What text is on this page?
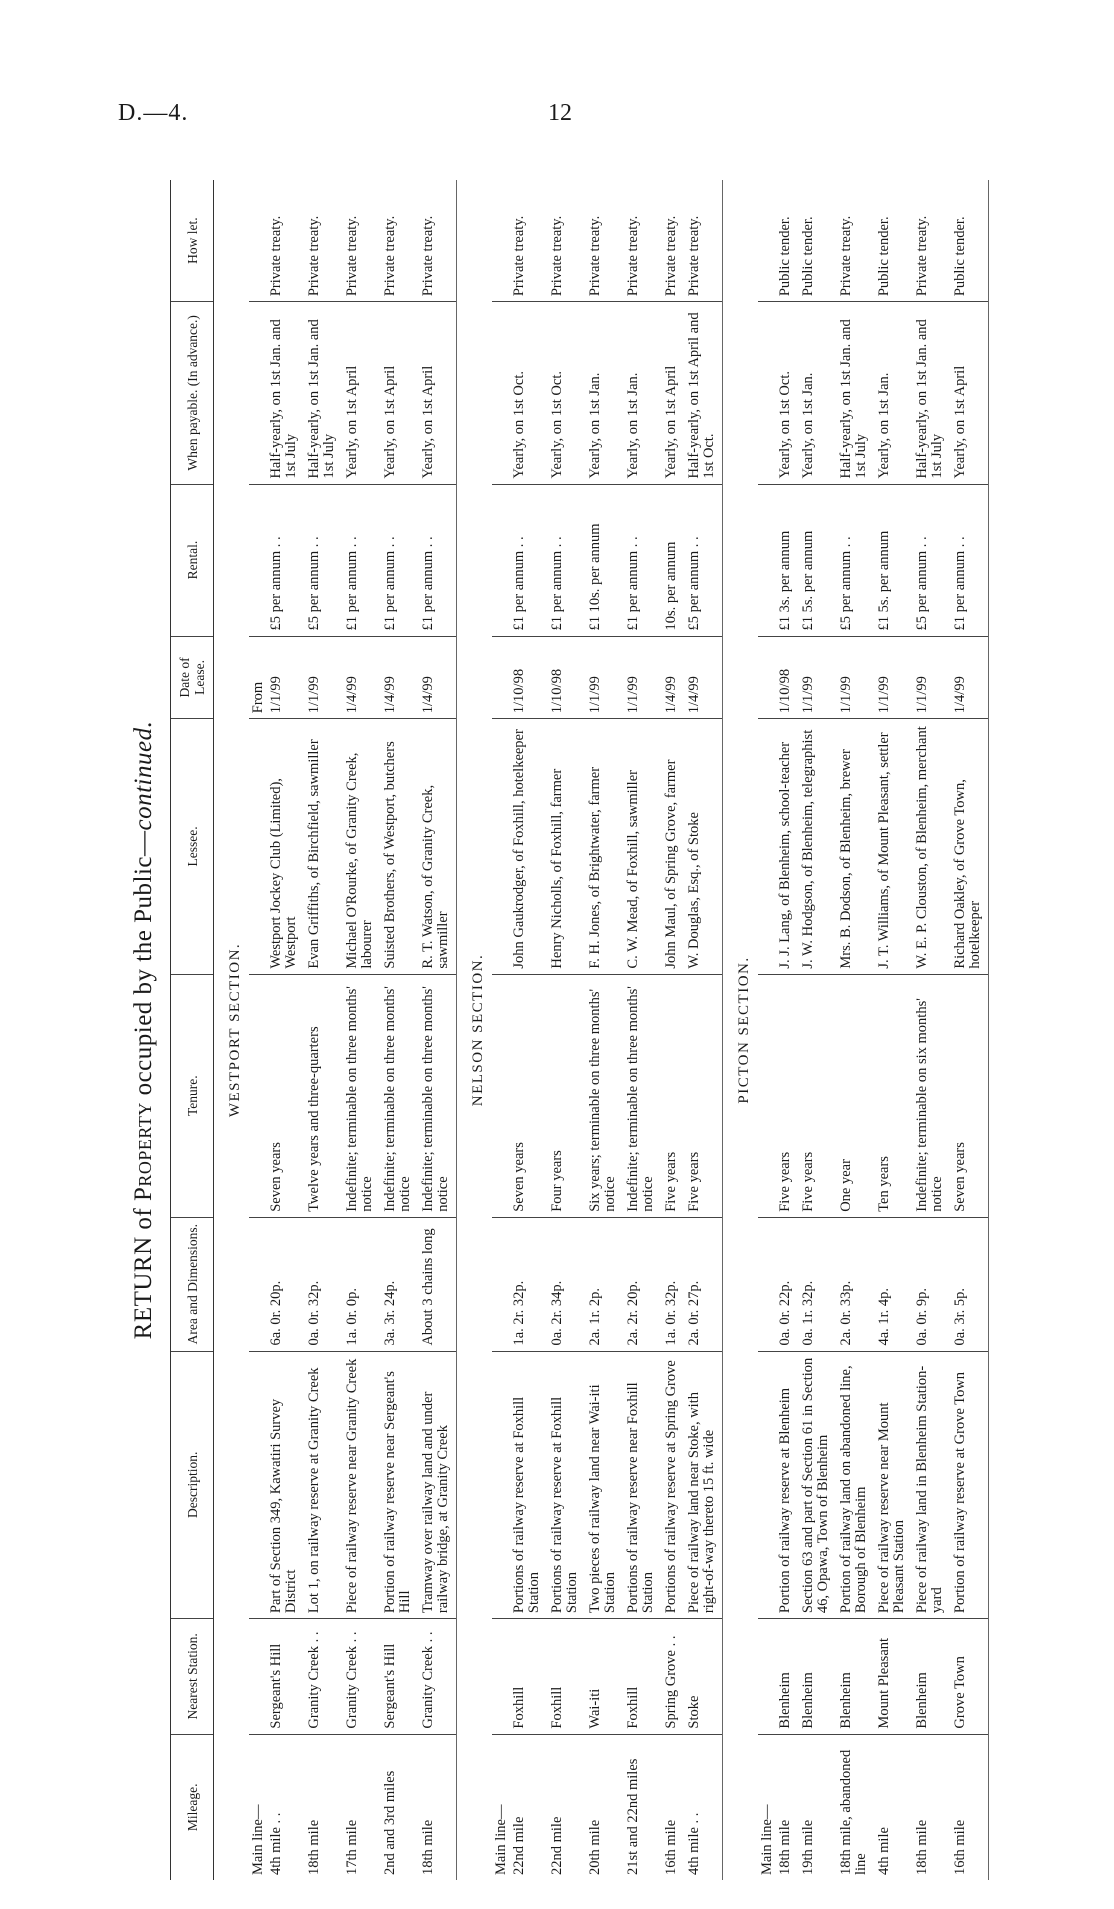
D.—4.	12
RETURN of Property occupied by the Public—continued.
Mileage.	Nearest Station.	Description.	Area and Dimensions.	Tenure.	Lessee.	Date of Lease.	Rental.	When payable. (In advance.)	How let.
WESTPORT SECTION.									
Main line—						From			
4th mile . .	Sergeant's Hill	Part of Section 349, Kawatiri Survey District	6a. 0r. 20p.	Seven years	Westport Jockey Club (Limited), Westport	1/1/99	£5 per annum . .	Half-yearly, on 1st Jan. and 1st July	Private treaty.
18th mile	Granity Creek . .	Lot 1, on railway reserve at Granity Creek	0a. 0r. 32p.	Twelve years and three-quarters	Evan Griffiths, of Birchfield, sawmiller	1/1/99	£5 per annum . .	Half-yearly, on 1st Jan. and 1st July	Private treaty.
17th mile	Granity Creek . .	Piece of railway reserve near Granity Creek	1a. 0r. 0p.	Indefinite; terminable on three months' notice	Michael O'Rourke, of Granity Creek, labourer	1/4/99	£1 per annum . .	Yearly, on 1st April	Private treaty.
2nd and 3rd miles	Sergeant's Hill	Portion of railway reserve near Sergeant's Hill	3a. 3r. 24p.	Indefinite; terminable on three months' notice	Suisted Brothers, of Westport, butchers	1/4/99	£1 per annum . .	Yearly, on 1st April	Private treaty.
18th mile	Granity Creek . .	Tramway over railway land and under railway bridge, at Granity Creek	About 3 chains long	Indefinite; terminable on three months' notice	R. T. Watson, of Granity Creek, sawmiller	1/4/99	£1 per annum . .	Yearly, on 1st April	Private treaty.
NELSON SECTION.									
Main line—									
22nd mile	Foxhill	Portions of railway reserve at Foxhill Station	1a. 2r. 32p.	Seven years	John Gaukrodger, of Foxhill, hotelkeeper	1/10/98	£1 per annum . .	Yearly, on 1st Oct.	Private treaty.
22nd mile	Foxhill	Portions of railway reserve at Foxhill Station	0a. 2r. 34p.	Four years	Henry Nicholls, of Foxhill, farmer	1/10/98	£1 per annum . .	Yearly, on 1st Oct.	Private treaty.
20th mile	Wai-iti	Two pieces of railway land near Wai-iti Station	2a. 1r. 2p.	Six years; terminable on three months' notice	F. H. Jones, of Brightwater, farmer	1/1/99	£1 10s. per annum	Yearly, on 1st Jan.	Private treaty.
21st and 22nd miles	Foxhill	Portions of railway reserve near Foxhill Station	2a. 2r. 20p.	Indefinite; terminable on three months' notice	C. W. Mead, of Foxhill, sawmiller	1/1/99	£1 per annum . .	Yearly, on 1st Jan.	Private treaty.
16th mile	Spring Grove . .	Portions of railway reserve at Spring Grove	1a. 0r. 32p.	Five years	John Maul, of Spring Grove, farmer	1/4/99	10s. per annum	Yearly, on 1st April	Private treaty.
4th mile . .	Stoke	Piece of railway land near Stoke, with right-of-way thereto 15 ft. wide	2a. 0r. 27p.	Five years	W. Douglas, Esq., of Stoke	1/4/99	£5 per annum . .	Half-yearly, on 1st April and 1st Oct.	Private treaty.
PICTON SECTION.									
Main line—									
18th mile	Blenheim	Portion of railway reserve at Blenheim	0a. 0r. 22p.	Five years	J. J. Lang, of Blenheim, school-teacher	1/10/98	£1 3s. per annum	Yearly, on 1st Oct.	Public tender.
19th mile	Blenheim	Section 63 and part of Section 61 in Section 46, Opawa, Town of Blenheim	0a. 1r. 32p.	Five years	J. W. Hodgson, of Blenheim, telegraphist	1/1/99	£1 5s. per annum	Yearly, on 1st Jan.	Public tender.
18th mile, abandoned line	Blenheim	Portion of railway land on abandoned line, Borough of Blenheim	2a. 0r. 33p.	One year	Mrs. B. Dodson, of Blenheim, brewer	1/1/99	£5 per annum . .	Half-yearly, on 1st Jan. and 1st July	Private treaty.
4th mile	Mount Pleasant	Piece of railway reserve near Mount Pleasant Station	4a. 1r. 4p.	Ten years	J. T. Williams, of Mount Pleasant, settler	1/1/99	£1 5s. per annum	Yearly, on 1st Jan.	Public tender.
18th mile	Blenheim	Piece of railway land in Blenheim Station-yard	0a. 0r. 9p.	Indefinite; terminable on six months' notice	W. E. P. Clouston, of Blenheim, merchant	1/1/99	£5 per annum . .	Half-yearly, on 1st Jan. and 1st July	Private treaty.
16th mile	Grove Town	Portion of railway reserve at Grove Town	0a. 3r. 5p.	Seven years	Richard Oakley, of Grove Town, hotelkeeper	1/4/99	£1 per annum . .	Yearly, on 1st April	Public tender.
